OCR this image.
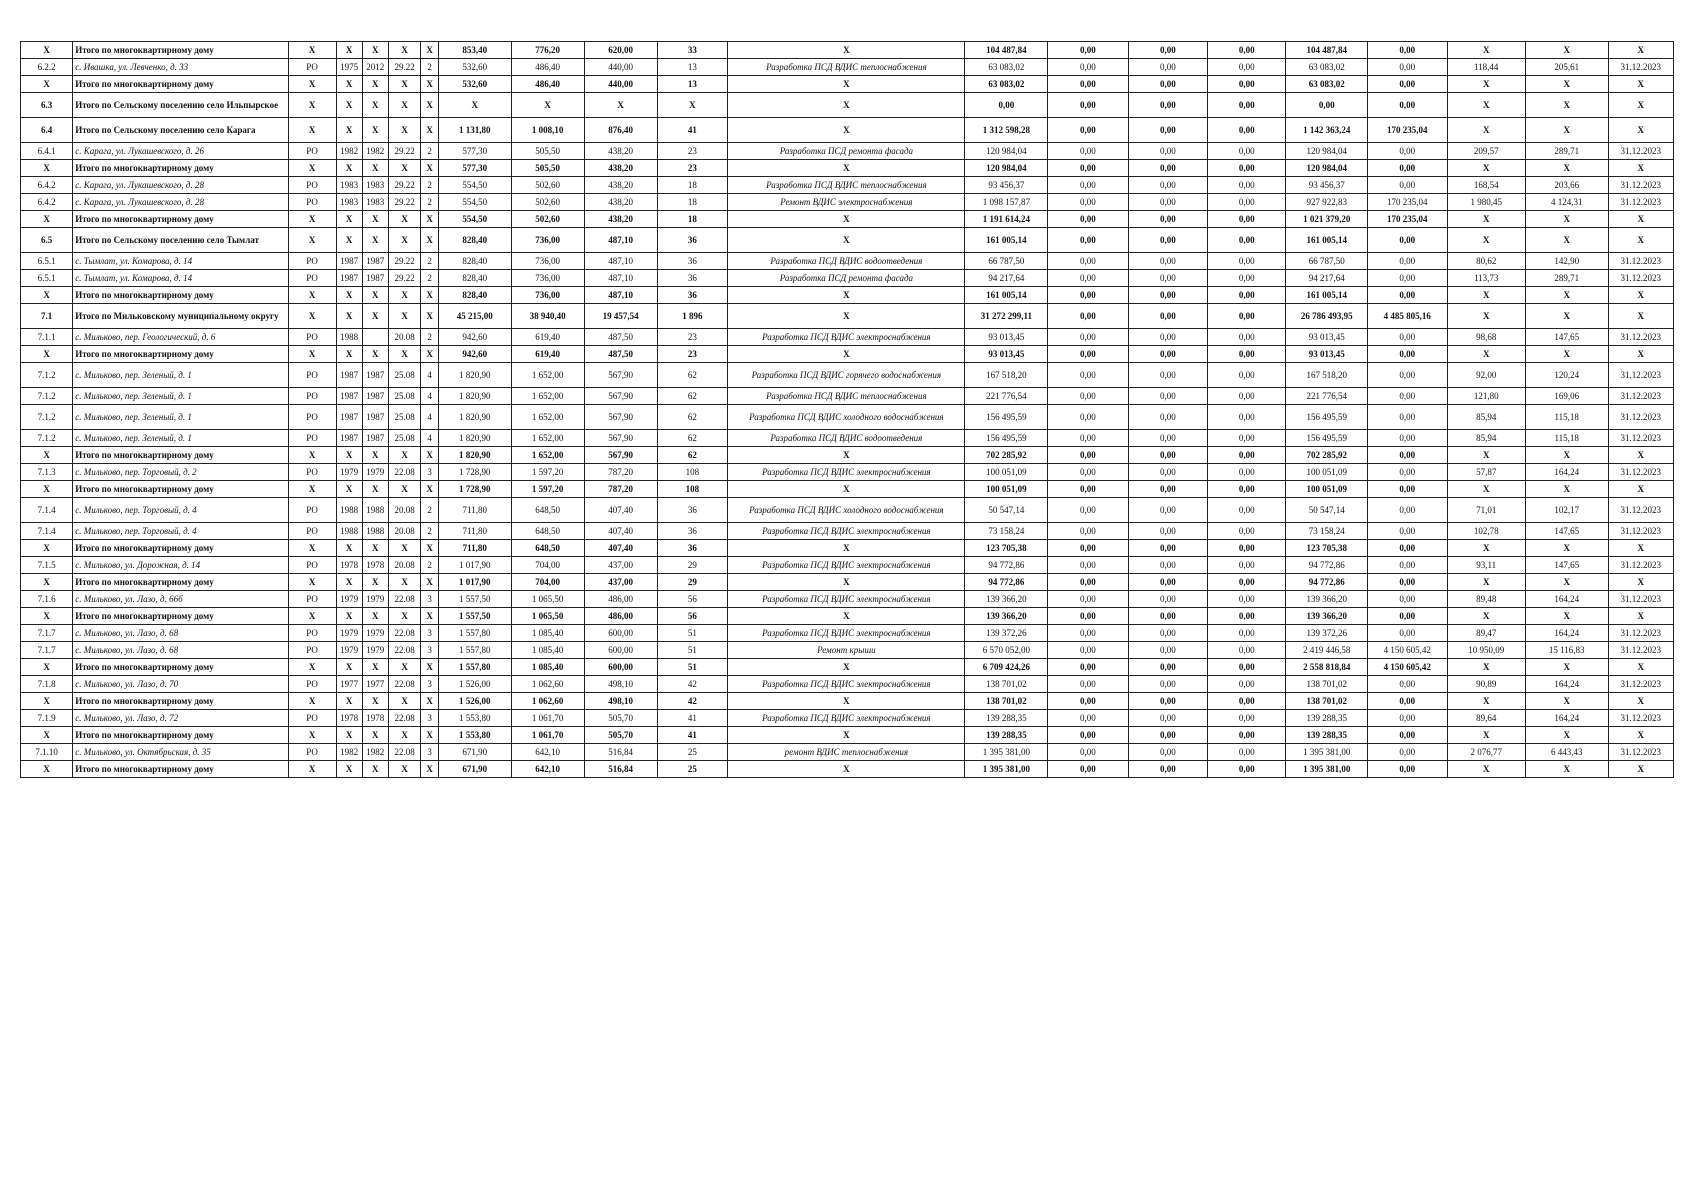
X	Итого по многоквартирному дому	X	X	X	X	X	853,40	776,20	620,00	33	X	104 487,84	0,00	0,00	0,00	104 487,84	0,00	X	X	X
6.2.2	с. Ивашка, ул. Левченко, д. 33	РО	1975	2012	29.22	2	532,60	486,40	440,00	13	Разработка ПСД ВДИС теплоснабжения	63 083,02	0,00	0,00	0,00	63 083,02	0,00	118,44	205,61	31.12.2023
X	Итого по многоквартирному дому	X	X	X	X	X	532,60	486,40	440,00	13	X	63 083,02	0,00	0,00	0,00	63 083,02	0,00	X	X	X
6.3	Итого по Сельскому поселению село Ильпырское	X	X	X	X	X	X	X	X	X	X	0,00	0,00	0,00	0,00	0,00	0,00	X	X	X
6.4	Итого по Сельскому поселению село Карага	X	X	X	X	X	1 131,80	1 008,10	876,40	41	X	1 312 598,28	0,00	0,00	0,00	1 142 363,24	170 235,04	X	X	X
6.4.1	с. Карага, ул. Лукашевского, д. 26	РО	1982	1982	29.22	2	577,30	505,50	438,20	23	Разработка ПСД ремонта фасада	120 984,04	0,00	0,00	0,00	120 984,04	0,00	209,57	289,71	31.12.2023
X	Итого по многоквартирному дому	X	X	X	X	X	577,30	505,50	438,20	23	X	120 984,04	0,00	0,00	0,00	120 984,04	0,00	X	X	X
6.4.2	с. Карага, ул. Лукашевского, д. 28	РО	1983	1983	29.22	2	554,50	502,60	438,20	18	Разработка ПСД ВДИС теплоснабжения	93 456,37	0,00	0,00	0,00	93 456,37	0,00	168,54	203,66	31.12.2023
6.4.2	с. Карага, ул. Лукашевского, д. 28	РО	1983	1983	29.22	2	554,50	502,60	438,20	18	Ремонт ВДИС электроснабжения	1 098 157,87	0,00	0,00	0,00	927 922,83	170 235,04	1 980,45	4 124,31	31.12.2023
X	Итого по многоквартирному дому	X	X	X	X	X	554,50	502,60	438,20	18	X	1 191 614,24	0,00	0,00	0,00	1 021 379,20	170 235,04	X	X	X
6.5	Итого по Сельскому поселению село Тымлат	X	X	X	X	X	828,40	736,00	487,10	36	X	161 005,14	0,00	0,00	0,00	161 005,14	0,00	X	X	X
6.5.1	с. Тымлат, ул. Комарова, д. 14	РО	1987	1987	29.22	2	828,40	736,00	487,10	36	Разработка ПСД ВДИС водоотведения	66 787,50	0,00	0,00	0,00	66 787,50	0,00	80,62	142,90	31.12.2023
6.5.1	с. Тымлат, ул. Комарова, д. 14	РО	1987	1987	29.22	2	828,40	736,00	487,10	36	Разработка ПСД ремонта фасада	94 217,64	0,00	0,00	0,00	94 217,64	0,00	113,73	289,71	31.12.2023
X	Итого по многоквартирному дому	X	X	X	X	X	828,40	736,00	487,10	36	X	161 005,14	0,00	0,00	0,00	161 005,14	0,00	X	X	X
7.1	Итого по Мильковскому муниципальному округу	X	X	X	X	X	45 215,00	38 940,40	19 457,54	1 896	X	31 272 299,11	0,00	0,00	0,00	26 786 493,95	4 485 805,16	X	X	X
7.1.1	с. Мильково, пер. Геологический, д. 6	РО	1988		20.08	2	942,60	619,40	487,50	23	Разработка ПСД ВДИС электроснабжения	93 013,45	0,00	0,00	0,00	93 013,45	0,00	98,68	147,65	31.12.2023
X	Итого по многоквартирному дому	X	X	X	X	X	942,60	619,40	487,50	23	X	93 013,45	0,00	0,00	0,00	93 013,45	0,00	X	X	X
7.1.2	с. Мильково, пер. Зеленый, д. 1	РО	1987	1987	25.08	4	1 820,90	1 652,00	567,90	62	Разработка ПСД ВДИС горячего водоснабжения	167 518,20	0,00	0,00	0,00	167 518,20	0,00	92,00	120,24	31.12.2023
7.1.2	с. Мильково, пер. Зеленый, д. 1	РО	1987	1987	25.08	4	1 820,90	1 652,00	567,90	62	Разработка ПСД ВДИС теплоснабжения	221 776,54	0,00	0,00	0,00	221 776,54	0,00	121,80	169,06	31.12.2023
7.1.2	с. Мильково, пер. Зеленый, д. 1	РО	1987	1987	25.08	4	1 820,90	1 652,00	567,90	62	Разработка ПСД ВДИС холодного водоснабжения	156 495,59	0,00	0,00	0,00	156 495,59	0,00	85,94	115,18	31.12.2023
7.1.2	с. Мильково, пер. Зеленый, д. 1	РО	1987	1987	25.08	4	1 820,90	1 652,00	567,90	62	Разработка ПСД ВДИС водоотведения	156 495,59	0,00	0,00	0,00	156 495,59	0,00	85,94	115,18	31.12.2023
X	Итого по многоквартирному дому	X	X	X	X	X	1 820,90	1 652,00	567,90	62	X	702 285,92	0,00	0,00	0,00	702 285,92	0,00	X	X	X
7.1.3	с. Мильково, пер. Торговый, д. 2	РО	1979	1979	22.08	3	1 728,90	1 597,20	787,20	108	Разработка ПСД ВДИС электроснабжения	100 051,09	0,00	0,00	0,00	100 051,09	0,00	57,87	164,24	31.12.2023
X	Итого по многоквартирному дому	X	X	X	X	X	1 728,90	1 597,20	787,20	108	X	100 051,09	0,00	0,00	0,00	100 051,09	0,00	X	X	X
7.1.4	с. Мильково, пер. Торговый, д. 4	РО	1988	1988	20.08	2	711,80	648,50	407,40	36	Разработка ПСД ВДИС холодного водоснабжения	50 547,14	0,00	0,00	0,00	50 547,14	0,00	71,01	102,17	31.12.2023
7.1.4	с. Мильково, пер. Торговый, д. 4	РО	1988	1988	20.08	2	711,80	648,50	407,40	36	Разработка ПСД ВДИС электроснабжения	73 158,24	0,00	0,00	0,00	73 158,24	0,00	102,78	147,65	31.12.2023
X	Итого по многоквартирному дому	X	X	X	X	X	711,80	648,50	407,40	36	X	123 705,38	0,00	0,00	0,00	123 705,38	0,00	X	X	X
7.1.5	с. Мильково, ул. Дорожная, д. 14	РО	1978	1978	20.08	2	1 017,90	704,00	437,00	29	Разработка ПСД ВДИС электроснабжения	94 772,86	0,00	0,00	0,00	94 772,86	0,00	93,11	147,65	31.12.2023
X	Итого по многоквартирному дому	X	X	X	X	X	1 017,90	704,00	437,00	29	X	94 772,86	0,00	0,00	0,00	94 772,86	0,00	X	X	X
7.1.6	с. Мильково, ул. Лазо, д. 66б	РО	1979	1979	22.08	3	1 557,50	1 065,50	486,00	56	Разработка ПСД ВДИС электроснабжения	139 366,20	0,00	0,00	0,00	139 366,20	0,00	89,48	164,24	31.12.2023
X	Итого по многоквартирному дому	X	X	X	X	X	1 557,50	1 065,50	486,00	56	X	139 366,20	0,00	0,00	0,00	139 366,20	0,00	X	X	X
7.1.7	с. Мильково, ул. Лазо, д. 68	РО	1979	1979	22.08	3	1 557,80	1 085,40	600,00	51	Разработка ПСД ВДИС электроснабжения	139 372,26	0,00	0,00	0,00	139 372,26	0,00	89,47	164,24	31.12.2023
7.1.7	с. Мильково, ул. Лазо, д. 68	РО	1979	1979	22.08	3	1 557,80	1 085,40	600,00	51	Ремонт крыши	6 570 052,00	0,00	0,00	0,00	2 419 446,58	4 150 605,42	10 950,09	15 116,83	31.12.2023
X	Итого по многоквартирному дому	X	X	X	X	X	1 557,80	1 085,40	600,00	51	X	6 709 424,26	0,00	0,00	0,00	2 558 818,84	4 150 605,42	X	X	X
7.1.8	с. Мильково, ул. Лазо, д. 70	РО	1977	1977	22.08	3	1 526,00	1 062,60	498,10	42	Разработка ПСД ВДИС электроснабжения	138 701,02	0,00	0,00	0,00	138 701,02	0,00	90,89	164,24	31.12.2023
X	Итого по многоквартирному дому	X	X	X	X	X	1 526,00	1 062,60	498,10	42	X	138 701,02	0,00	0,00	0,00	138 701,02	0,00	X	X	X
7.1.9	с. Мильково, ул. Лазо, д. 72	РО	1978	1978	22.08	3	1 553,80	1 061,70	505,70	41	Разработка ПСД ВДИС электроснабжения	139 288,35	0,00	0,00	0,00	139 288,35	0,00	89,64	164,24	31.12.2023
X	Итого по многоквартирному дому	X	X	X	X	X	1 553,80	1 061,70	505,70	41	X	139 288,35	0,00	0,00	0,00	139 288,35	0,00	X	X	X
7.1.10	с. Мильково, ул. Октябрьская, д. 35	РО	1982	1982	22.08	3	671,90	642,10	516,84	25	ремонт ВДИС теплоснабжения	1 395 381,00	0,00	0,00	0,00	1 395 381,00	0,00	2 076,77	6 443,43	31.12.2023
X	Итого по многоквартирному дому	X	X	X	X	X	671,90	642,10	516,84	25	X	1 395 381,00	0,00	0,00	0,00	1 395 381,00	0,00	X	X	X
